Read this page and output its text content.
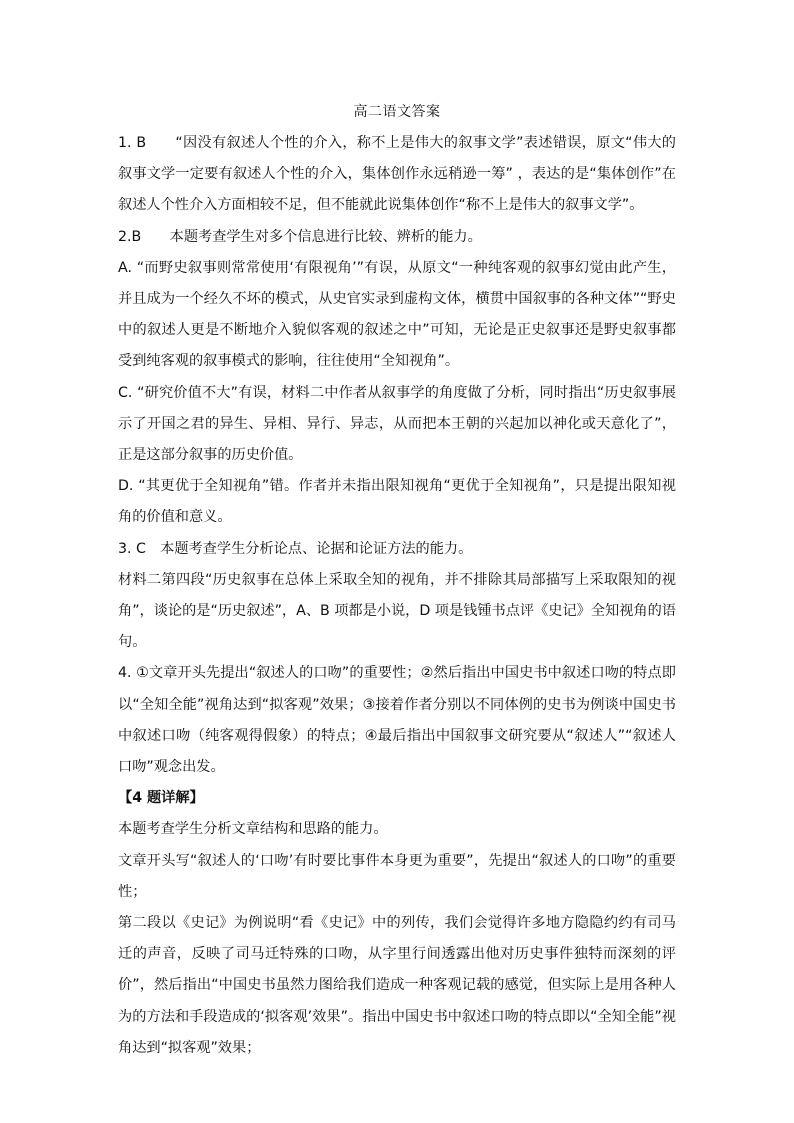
高二语文答案

1. B　　“因没有叙述人个性的介入，称不上是伟大的叙事文学”表述错误，原文“伟大的叙事文学一定要有叙述人个性的介入，集体创作永远稍逊一筹” ，表达的是“集体创作”在叙述人个性介入方面相较不足，但不能就此说集体创作“称不上是伟大的叙事文学”。

2.B　　本题考查学生对多个信息进行比较、辨析的能力。

A. “而野史叙事则常常使用‘有限视角’”有误，从原文“一种纯客观的叙事幻觉由此产生，并且成为一个经久不坏的模式，从史官实录到虚构文体，横贯中国叙事的各种文体”“野史中的叙述人更是不断地介入貌似客观的叙述之中”可知，无论是正史叙事还是野史叙事都受到纯客观的叙事模式的影响，往往使用“全知视角”。

C. “研究价值不大”有误，材料二中作者从叙事学的角度做了分析，同时指出“历史叙事展示了开国之君的异生、异相、异行、异志，从而把本王朝的兴起加以神化或天意化了”，正是这部分叙事的历史价值。

D. “其更优于全知视角”错。作者并未指出限知视角“更优于全知视角”，只是提出限知视角的价值和意义。

3. C　本题考查学生分析论点、论据和论证方法的能力。

材料二第四段“历史叙事在总体上采取全知的视角，并不排除其局部描写上采取限知的视角”，谈论的是“历史叙述”，A、B 项都是小说，D 项是钱锺书点评《史记》全知视角的语句。

4. ①文章开头先提出“叙述人的口吻”的重要性；②然后指出中国史书中叙述口吻的特点即以“全知全能”视角达到“拟客观”效果；③接着作者分别以不同体例的史书为例谈中国史书中叙述口吻（纯客观得假象）的特点；④最后指出中国叙事文研究要从“叙述人”“叙述人口吻”观念出发。

【4 题详解】

本题考查学生分析文章结构和思路的能力。

文章开头写“叙述人的‘口吻’有时要比事件本身更为重要”，先提出“叙述人的口吻”的重要性；

第二段以《史记》为例说明“看《史记》中的列传，我们会觉得许多地方隐隐约约有司马迁的声音，反映了司马迁特殊的口吻，从字里行间透露出他对历史事件独特而深刻的评价”，然后指出“中国史书虽然力图给我们造成一种客观记载的感觉，但实际上是用各种人为的方法和手段造成的‘拟客观’效果”。指出中国史书中叙述口吻的特点即以“全知全能”视角达到“拟客观”效果；
